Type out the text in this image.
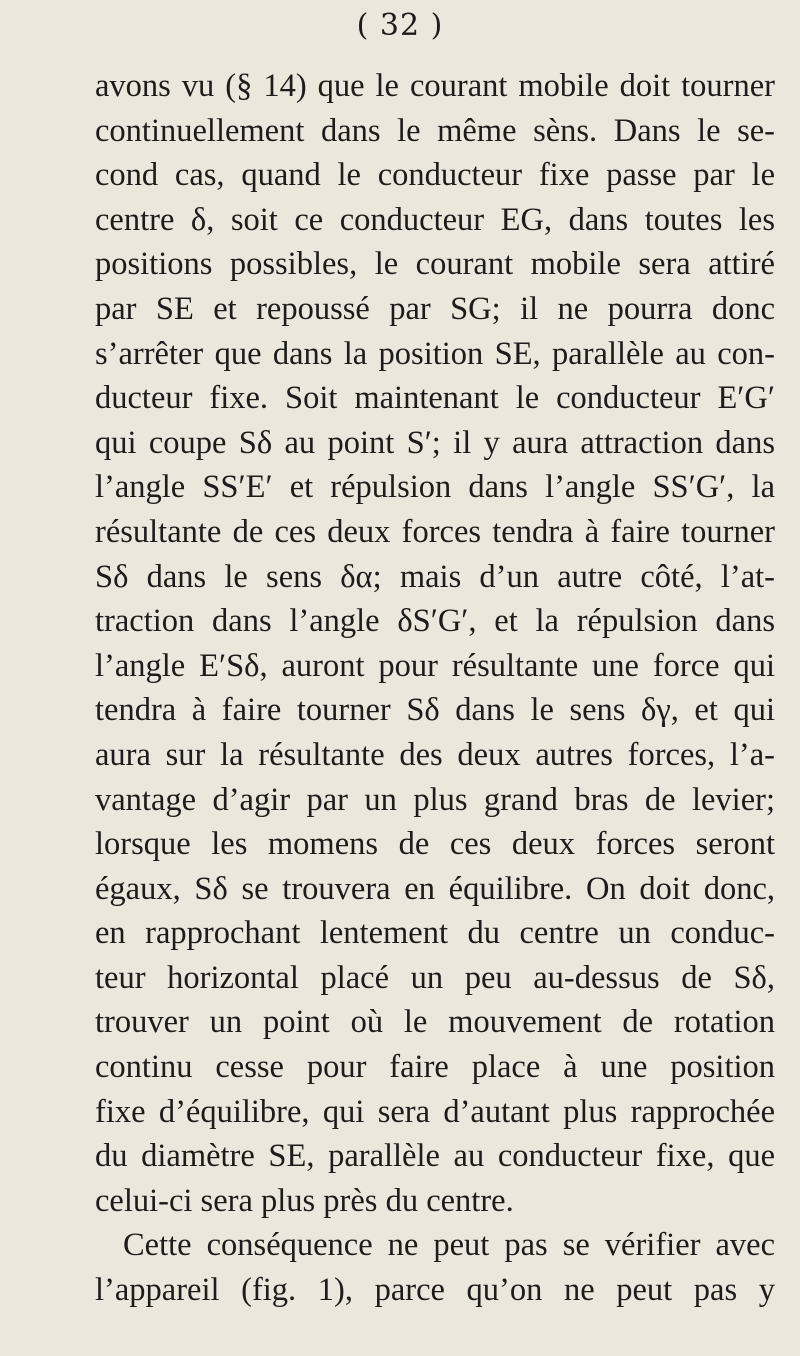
( 32 )
avons vu (§ 14) que le courant mobile doit tourner
continuellement dans le même sèns. Dans le se-
cond cas, quand le conducteur fixe passe par le
centre δ, soit ce conducteur EG, dans toutes les
positions possibles, le courant mobile sera attiré
par SE et repoussé par SG; il ne pourra donc
s’arrêter que dans la position SE, parallèle au con-
ducteur fixe. Soit maintenant le conducteur E′G′
qui coupe Sδ au point S′; il y aura attraction dans
l’angle SS′E′ et répulsion dans l’angle SS′G′, la
résultante de ces deux forces tendra à faire tourner
Sδ dans le sens δα; mais d’un autre côté, l’at-
traction dans l’angle δS′G′, et la répulsion dans
l’angle E′Sδ, auront pour résultante une force qui
tendra à faire tourner Sδ dans le sens δγ, et qui
aura sur la résultante des deux autres forces, l’a-
vantage d’agir par un plus grand bras de levier;
lorsque les momens de ces deux forces seront
égaux, Sδ se trouvera en équilibre. On doit donc,
en rapprochant lentement du centre un conduc-
teur horizontal placé un peu au-dessus de Sδ,
trouver un point où le mouvement de rotation
continu cesse pour faire place à une position
fixe d’équilibre, qui sera d’autant plus rapprochée
du diamètre SE, parallèle au conducteur fixe, que
celui-ci sera plus près du centre.
Cette conséquence ne peut pas se vérifier avec
l’appareil (fig. 1), parce qu’on ne peut pas y
